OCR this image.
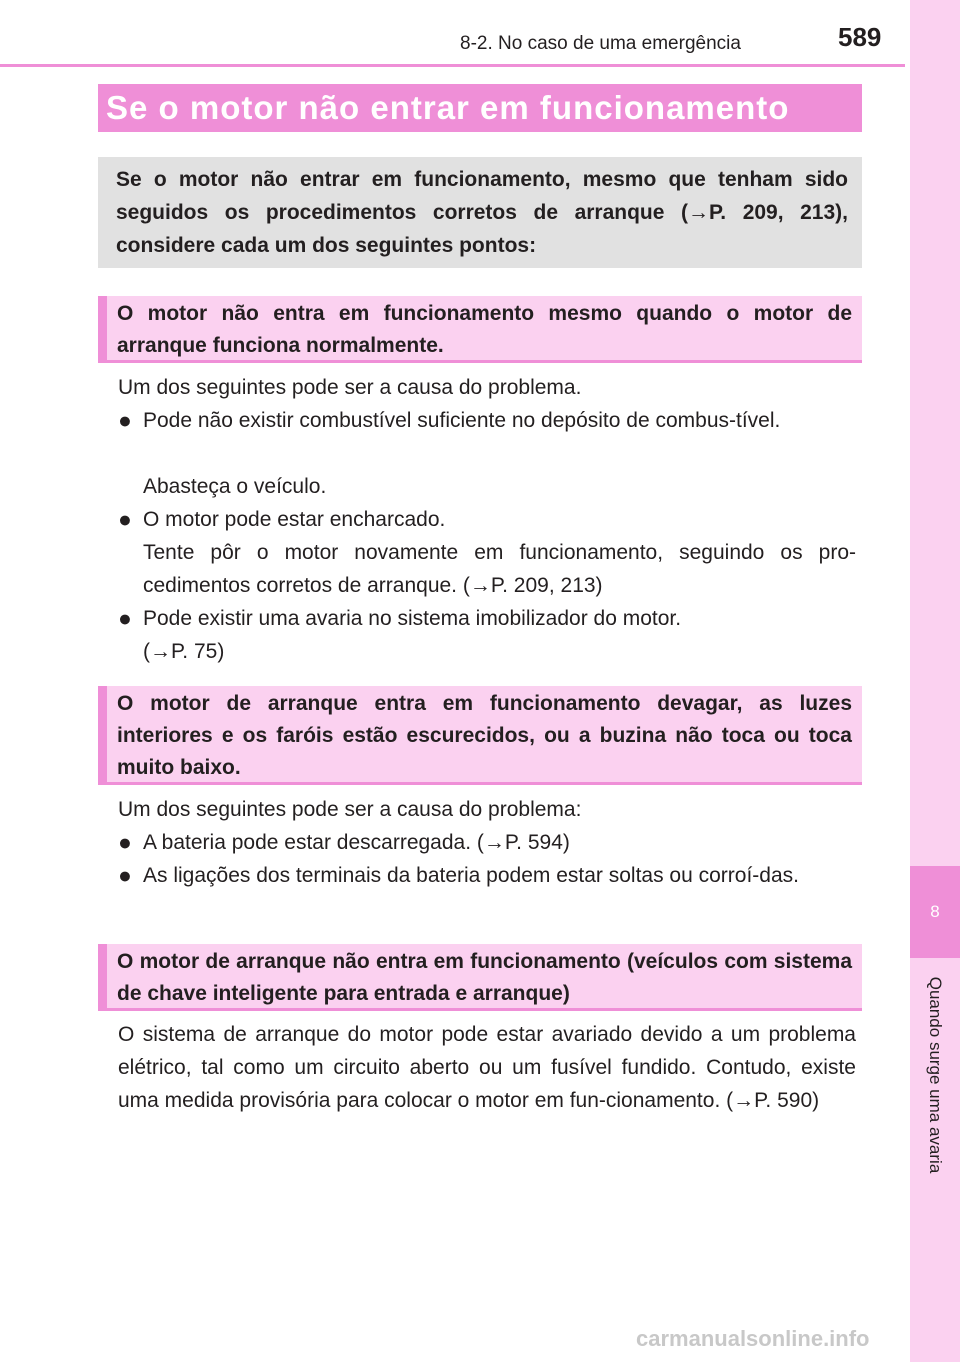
589
8-2. No caso de uma emergência
8
Quando surge uma avaria
Se o motor não entrar em funcionamento
Se o motor não entrar em funcionamento, mesmo que tenham sido seguidos os procedimentos corretos de arranque (→P. 209, 213), considere cada um dos seguintes pontos:
O motor não entra em funcionamento mesmo quando o motor de arranque funciona normalmente.
Um dos seguintes pode ser a causa do problema.
● Pode não existir combustível suficiente no depósito de combus-tível.
Abasteça o veículo.
● O motor pode estar encharcado.
Tente pôr o motor novamente em funcionamento, seguindo os pro-cedimentos corretos de arranque. (→P. 209, 213)
● Pode existir uma avaria no sistema imobilizador do motor.
(→P. 75)
O motor de arranque entra em funcionamento devagar, as luzes interiores e os faróis estão escurecidos, ou a buzina não toca ou toca muito baixo.
Um dos seguintes pode ser a causa do problema:
● A bateria pode estar descarregada. (→P. 594)
● As ligações dos terminais da bateria podem estar soltas ou corroí-das.
O motor de arranque não entra em funcionamento (veículos com sistema de chave inteligente para entrada e arranque)
O sistema de arranque do motor pode estar avariado devido a um problema elétrico, tal como um circuito aberto ou um fusível fundido. Contudo, existe uma medida provisória para colocar o motor em fun-cionamento. (→P. 590)
carmanualsonline.info
